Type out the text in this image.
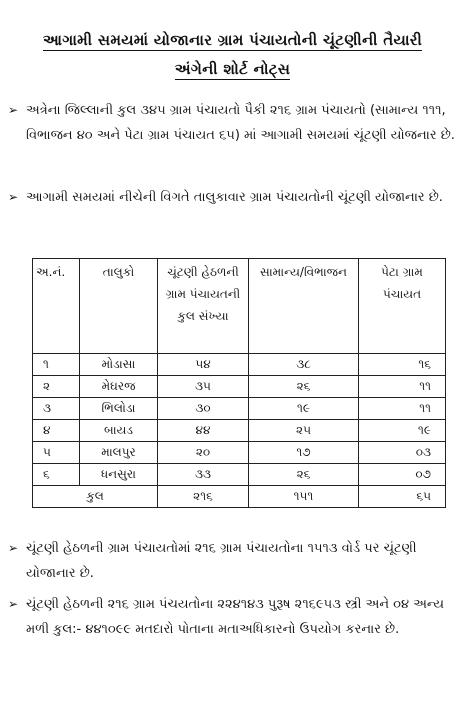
આગામી સમયમાં યોજાનાર ગ્રામ પંચાયતોની ચૂંટણીની તૈયારી
અંગેની શોર્ટ નોટ્સ
➢ અત્રેના જિલ્લાની કુલ ૩૪૫ ગ્રામ પંચાયતો પૈકી ૨૧૬ ગ્રામ પંચાયતો (સામાન્ય ૧૧૧, વિભાજન ૪૦ અને પેટા ગ્રામ પંચાયત ૬૫) માં આગામી સમયમાં ચૂંટણી યોજનાર છે.
➢ આગામી સમયમાં નીચેની વિગતે તાલુકાવાર ગ્રામ પંચાયતોની ચૂંટણી યોજાનાર છે.
અ.નં.	તાલુકો	ચૂંટણી હેઠળની ગ્રામ પંચાયતની કુલ સંખ્યા	સામાન્ય/વિભાજન	પેટા ગ્રામ પંચાયત
૧	મોડાસા	૫૪	૩૮	૧૬
૨	મેઘરજ	૩૫	૨૬	૧૧
૩	ભિલોડા	૩૦	૧૯	૧૧
૪	બાયડ	૪૪	૨૫	૧૯
૫	માલપુર	૨૦	૧૭	૦૩
૬	ધનસુરા	૩૩	૨૬	૦૭
કુલ		૨૧૬	૧૫૧	૬૫
➢ ચૂંટણી હેઠળની ગ્રામ પંચાયતોમાં ૨૧૬ ગ્રામ પંચાયતોના ૧૫૧૩ વોર્ડ પર ચૂંટણી યોજાનાર છે.
➢ ચૂંટણી હેઠળની ૨૧૬ ગ્રામ પંચયતોના ૨૨૪૧૪૩ પુરૂષ ૨૧૬૯૫૩ સ્ત્રી અને ૦૪ અન્ય મળી કુલ:- ૪૪૧૦૯૯ મતદારો પોતાના મતાઅધિકારનો ઉપયોગ કરનાર છે.
